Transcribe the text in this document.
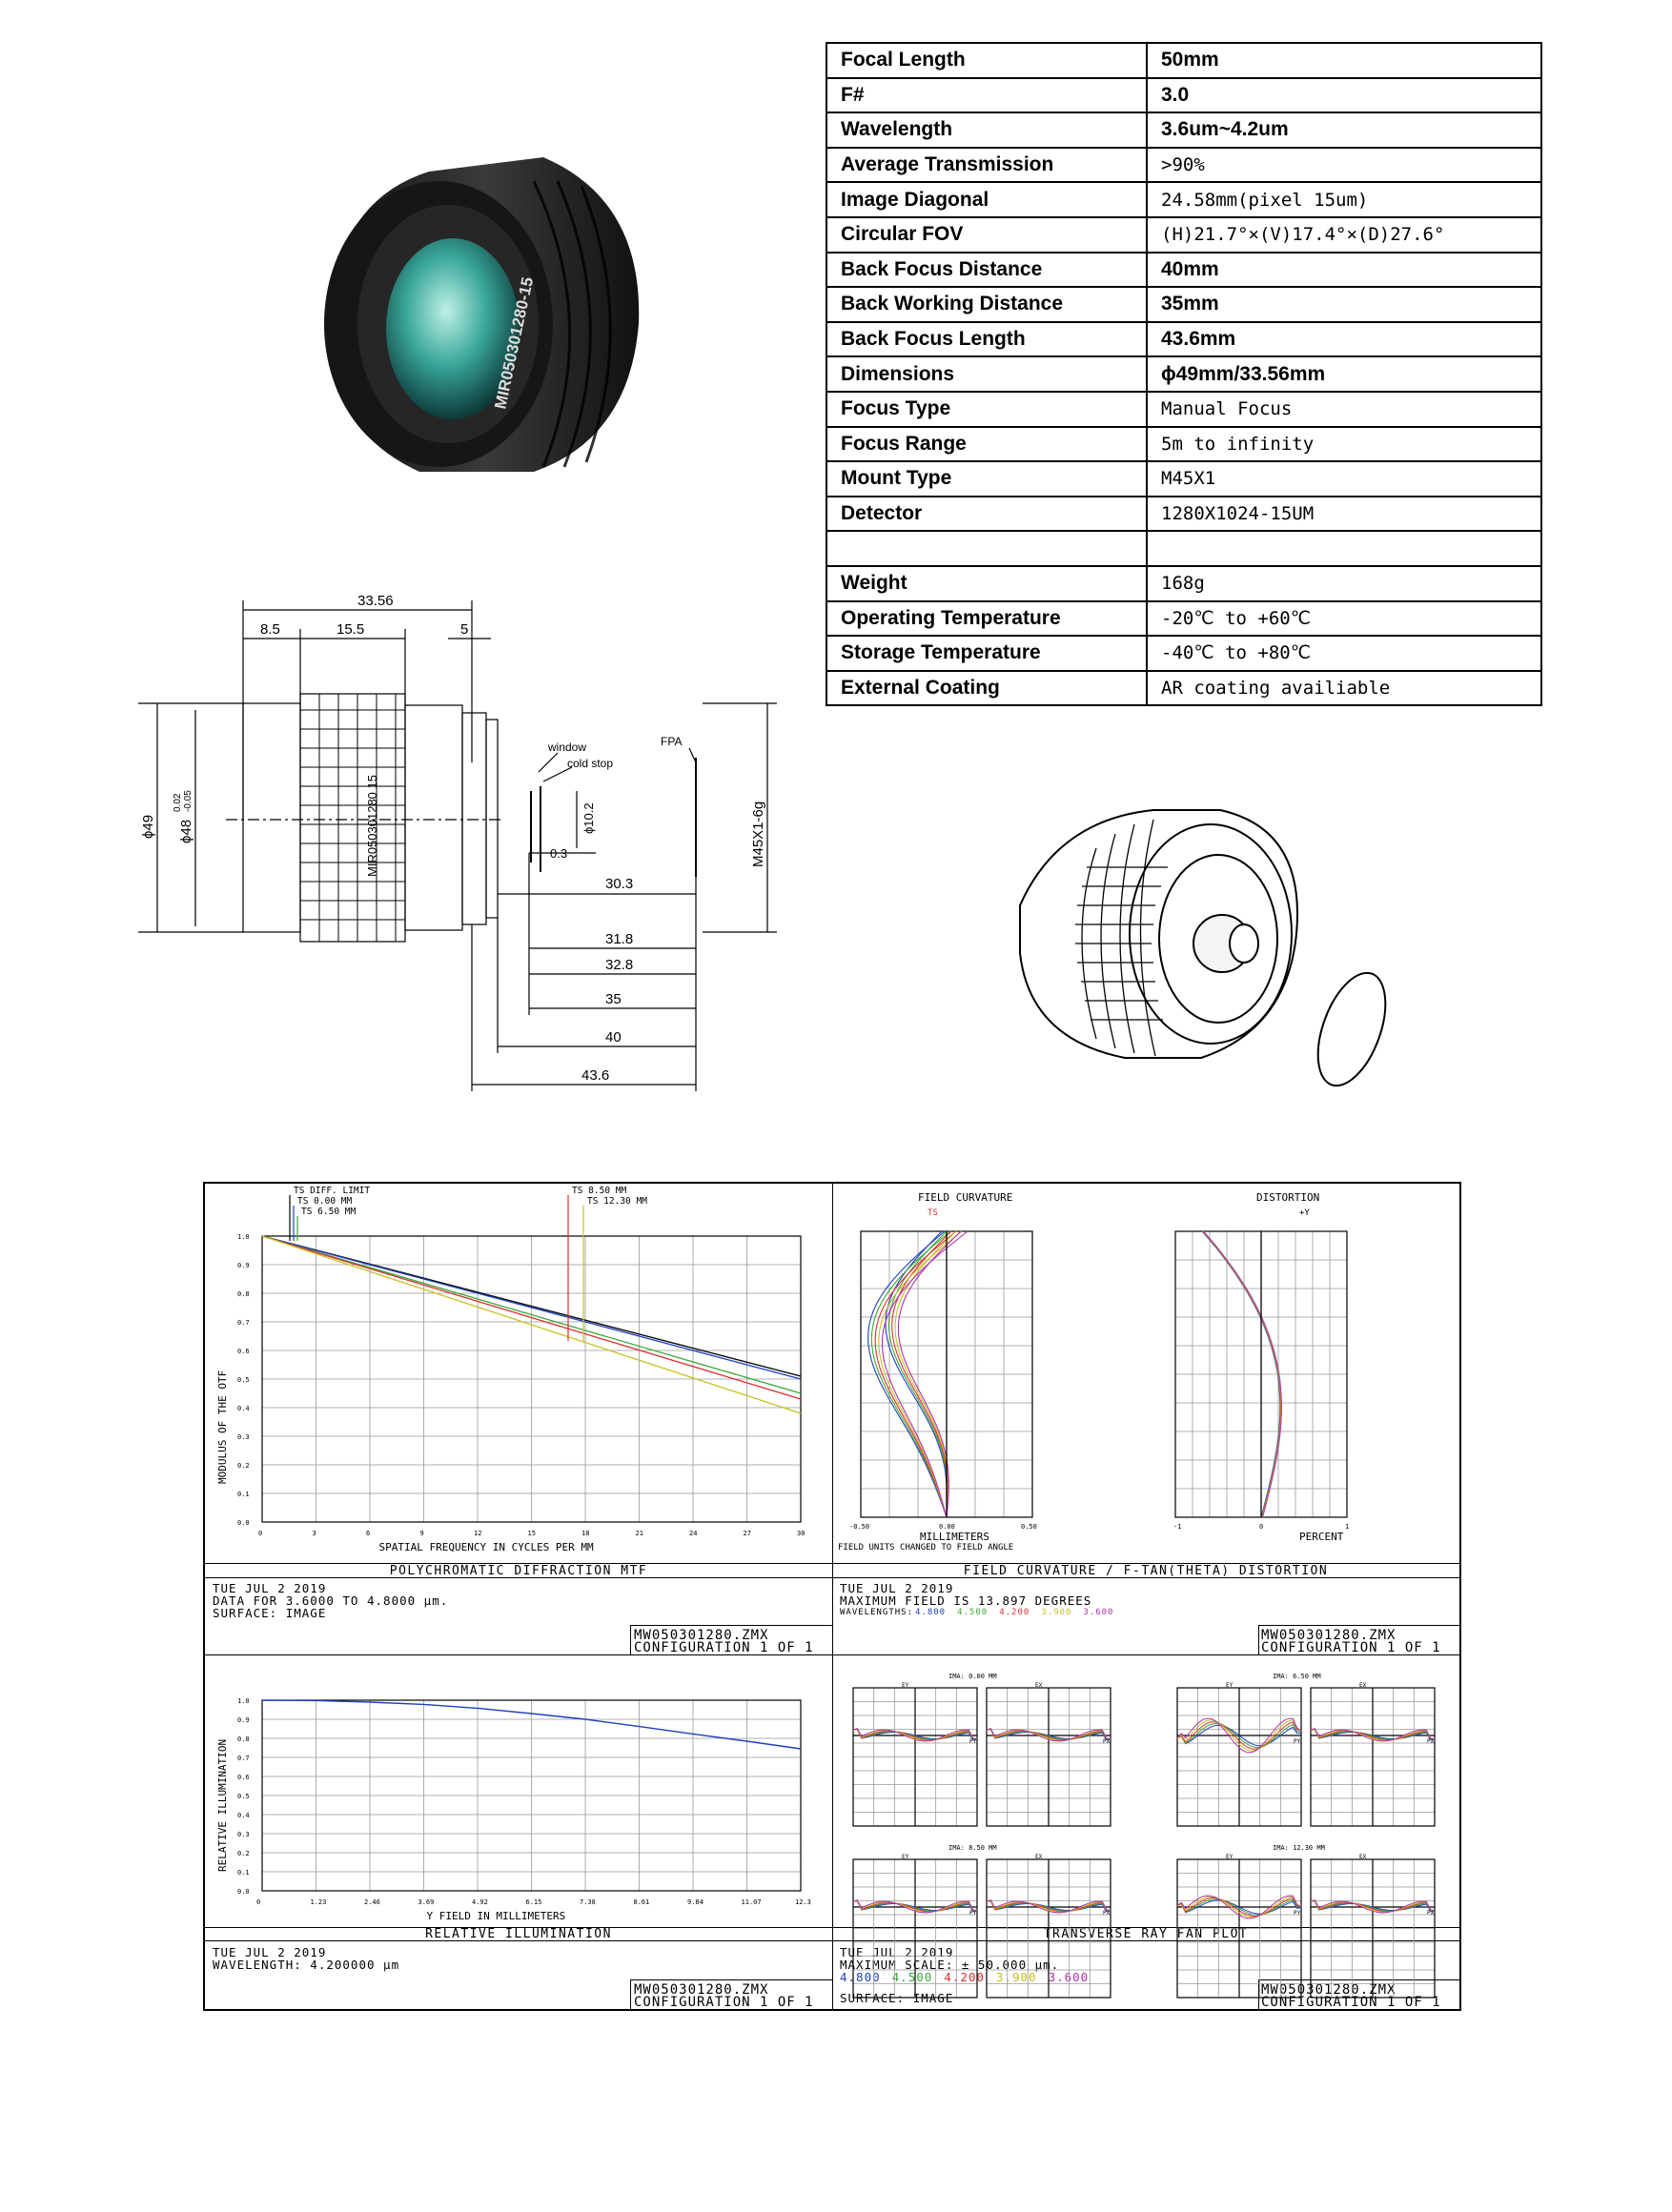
MIR050301280-15
Focal Length	50mm
F#	3.0
Wavelength	3.6um~4.2um
Average Transmission	>90%
Image Diagonal	24.58mm(pixel 15um)
Circular FOV	(H)21.7°×(V)17.4°×(D)27.6°
Back Focus Distance	40mm
Back Working Distance	35mm
Back Focus Length	43.6mm
Dimensions	ϕ49mm/33.56mm
Focus Type	Manual Focus
Focus Range	5m to infinity
Mount Type	M45X1
Detector	1280X1024-15UM

Weight	168g
Operating Temperature	-20℃ to +60℃
Storage Temperature	-40℃ to +80℃
External Coating	AR coating availiable
33.56
8.5	15.5	5
30.3
31.8
32.8
35
40
43.6
0.3
ϕ49 ϕ48
0.02 -0.05
M45X1-6g
MIR050301280 15
window
cold stop
FPA
ϕ10.2
POLYCHROMATIC DIFFRACTION MTF	FIELD CURVATURE / F-TAN(THETA) DISTORTION
RELATIVE ILLUMINATION	TRANSVERSE RAY FAN PLOT
TUE JUL 2 2019
DATA FOR 3.6000 TO 4.8000 µm.
SURFACE: IMAGE
MW050301280.ZMX
CONFIGURATION 1 OF 1
TUE JUL 2 2019
MAXIMUM FIELD IS 13.897 DEGREES
WAVELENGTHS: 4.800 4.500 4.200 3.900 3.600
MW050301280.ZMX
CONFIGURATION 1 OF 1
TUE JUL 2 2019
WAVELENGTH: 4.200000 µm
MW050301280.ZMX
CONFIGURATION 1 OF 1
TUE JUL 2 2019
MAXIMUM SCALE: ± 50.000 µm.
4.800 4.500 4.200 3.900 3.600
SURFACE: IMAGE
MW050301280.ZMX
CONFIGURATION 1 OF 1
0	3	6	9	12	15	18	21	24	27	30
1.0
0.9
0.8
0.7
0.6
0.5
0.4
0.3
0.2
0.1
0.0
SPATIAL FREQUENCY IN CYCLES PER MM
MODULUS OF THE OTF
TS DIFF. LIMIT
TS 0.00 MM
TS 6.50 MM
TS 8.50 MM
TS 12.30 MM	FIELD CURVATURE	DISTORTION
TS	+Y
-0.50	0.00	0.50	-1	0	1
MILLIMETERS	PERCENT
FIELD UNITS CHANGED TO FIELD ANGLE
0	1.23	2.46	3.69	4.92	6.15	7.38	8.61	9.84	11.07	12.3
1.0
0.9
0.8
0.7
0.6
0.5
0.4
0.3
0.2
0.1
0.0
Y FIELD IN MILLIMETERS
RELATIVE ILLUMINATION
IMA: 0.00 MM
EY
PY
EX
PX
IMA: 6.50 MM
EY
PY
EX
PX
IMA: 8.50 MM
EY
PY
EX
PX
IMA: 12.30 MM
EY
PY
EX
PX
